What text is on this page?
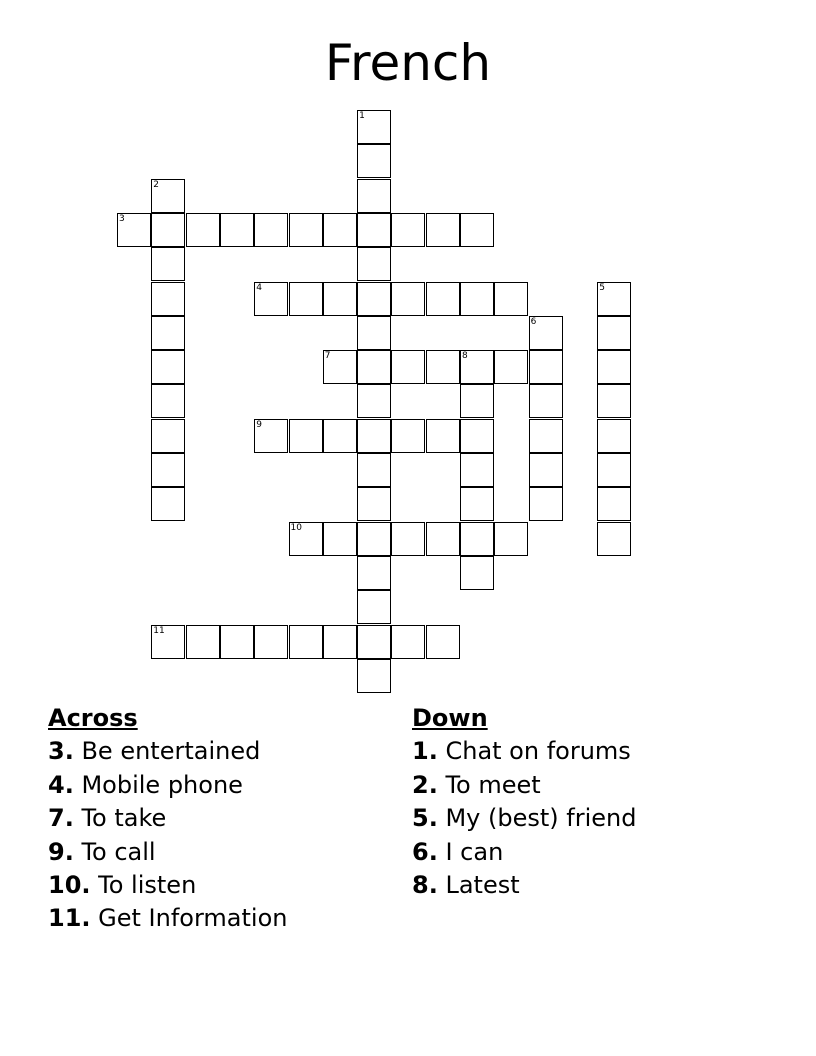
French
1
2
3
4	5
6
7	8
9
10
11
Across
3. Be entertained
4. Mobile phone
7. To take
9. To call
10. To listen
11. Get Information
Down
1. Chat on forums
2. To meet
5. My (best) friend
6. I can
8. Latest
